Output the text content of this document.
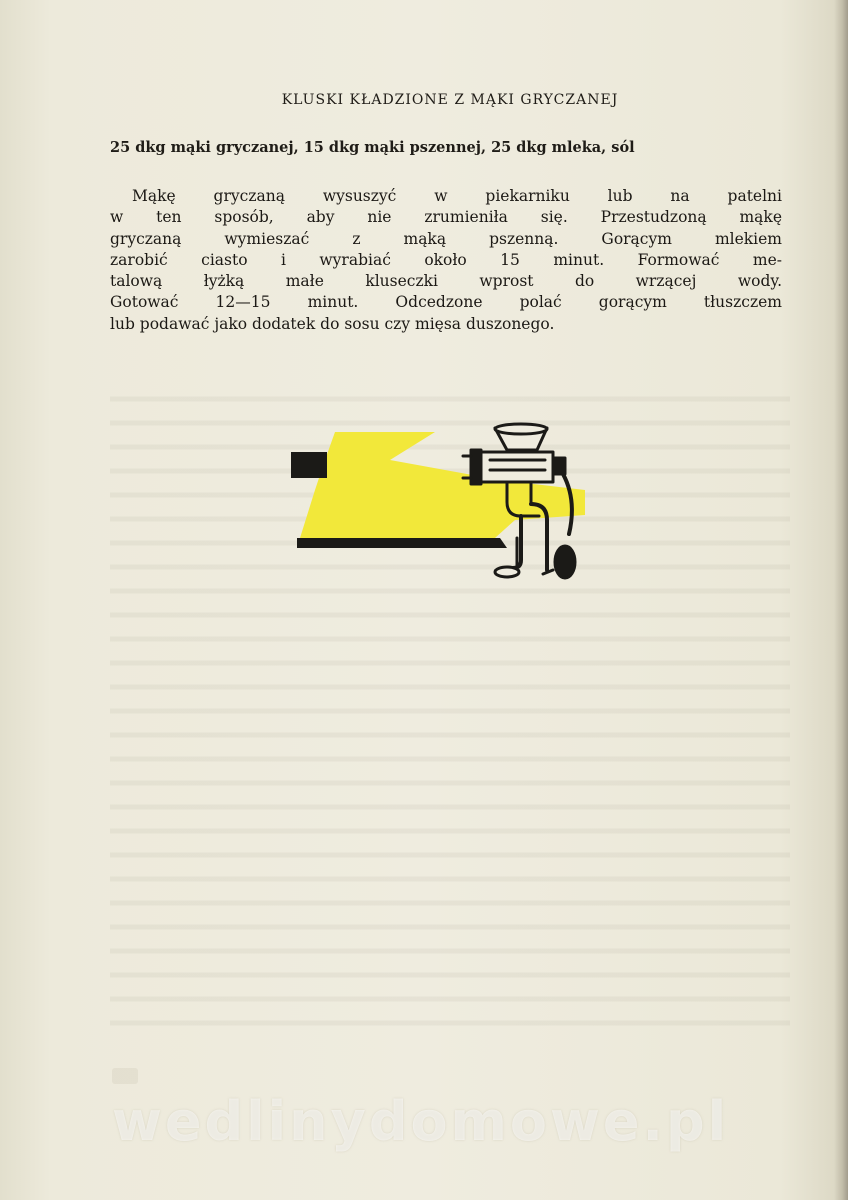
KLUSKI KŁADZIONE Z MĄKI GRYCZANEJ
25 dkg mąki gryczanej, 15 dkg mąki pszennej, 25 dkg mleka, sól
Mąkę gryczaną wysuszyć w piekarniku lub na patelni
w ten sposób, aby nie zrumieniła się. Przestudzoną mąkę
gryczaną wymieszać z mąką pszenną. Gorącym mlekiem
zarobić ciasto i wyrabiać około 15 minut. Formować me-
talową łyżką małe kluseczki wprost do wrzącej wody.
Gotować 12—15 minut. Odcedzone polać gorącym tłuszczem
lub podawać jako dodatek do sosu czy mięsa duszonego.
wedlinydomowe.pl
